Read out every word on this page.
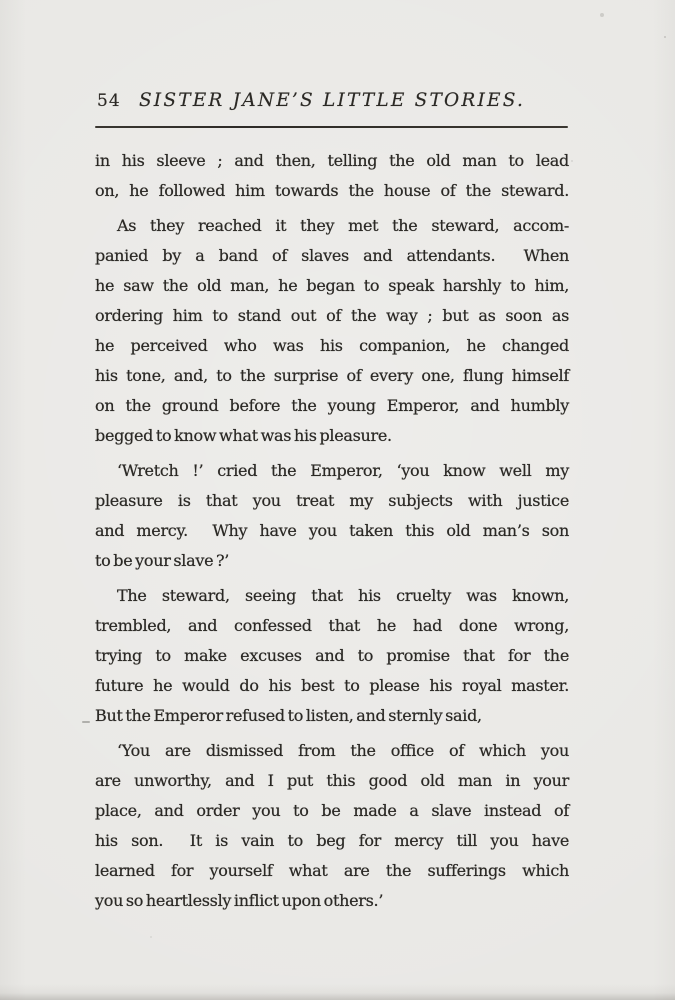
54 SISTER JANE’S LITTLE STORIES.
in his sleeve ; and then, telling the old man to lead
on, he followed him towards the house of the steward.
As they reached it they met the steward, accom-
panied by a band of slaves and attendants.  When
he saw the old man, he began to speak harshly to him,
ordering him to stand out of the way ; but as soon as
he perceived who was his companion, he changed
his tone, and, to the surprise of every one, flung himself
on the ground before the young Emperor, and humbly
begged to know what was his pleasure.
‘Wretch !’ cried the Emperor, ‘you know well my
pleasure is that you treat my subjects with justice
and mercy.  Why have you taken this old man’s son
to be your slave ?’
The steward, seeing that his cruelty was known,
trembled, and confessed that he had done wrong,
trying to make excuses and to promise that for the
future he would do his best to please his royal master.
But the Emperor refused to listen, and sternly said,
‘You are dismissed from the office of which you
are unworthy, and I put this good old man in your
place, and order you to be made a slave instead of
his son.  It is vain to beg for mercy till you have
learned for yourself what are the sufferings which
you so heartlessly inflict upon others.’
